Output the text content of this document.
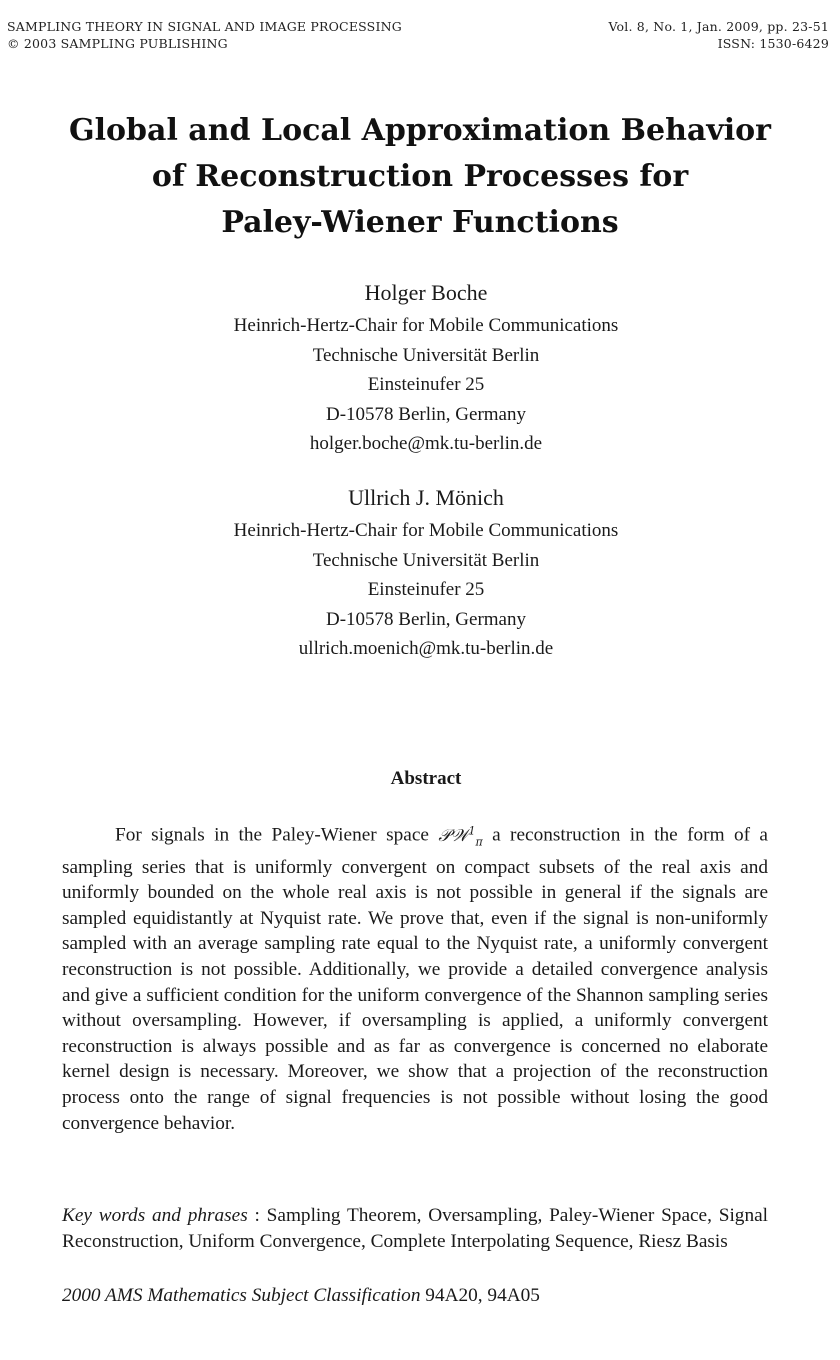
SAMPLING THEORY IN SIGNAL AND IMAGE PROCESSING
© 2003 SAMPLING PUBLISHING
Vol. 8, No. 1, Jan. 2009, pp. 23-51
ISSN: 1530-6429
Global and Local Approximation Behavior
of Reconstruction Processes for
Paley-Wiener Functions
Holger Boche
Heinrich-Hertz-Chair for Mobile Communications
Technische Universität Berlin
Einsteinufer 25
D-10578 Berlin, Germany
holger.boche@mk.tu-berlin.de
Ullrich J. Mönich
Heinrich-Hertz-Chair for Mobile Communications
Technische Universität Berlin
Einsteinufer 25
D-10578 Berlin, Germany
ullrich.moenich@mk.tu-berlin.de
Abstract
For signals in the Paley-Wiener space 𝒫𝒲$^1_\pi$ a reconstruction in the form of a sampling series that is uniformly convergent on compact subsets of the real axis and uniformly bounded on the whole real axis is not possible in general if the signals are sampled equidistantly at Nyquist rate. We prove that, even if the signal is non-uniformly sampled with an average sampling rate equal to the Nyquist rate, a uniformly convergent reconstruction is not possible. Additionally, we provide a detailed convergence analysis and give a sufficient condition for the uniform convergence of the Shannon sampling series without oversampling. However, if oversampling is applied, a uniformly convergent reconstruction is always possible and as far as convergence is concerned no elaborate kernel design is necessary. Moreover, we show that a projection of the reconstruction process onto the range of signal frequencies is not possible without losing the good convergence behavior.
Key words and phrases : Sampling Theorem, Oversampling, Paley-Wiener Space, Signal Reconstruction, Uniform Convergence, Complete Interpolating Sequence, Riesz Basis
2000 AMS Mathematics Subject Classification 94A20, 94A05
